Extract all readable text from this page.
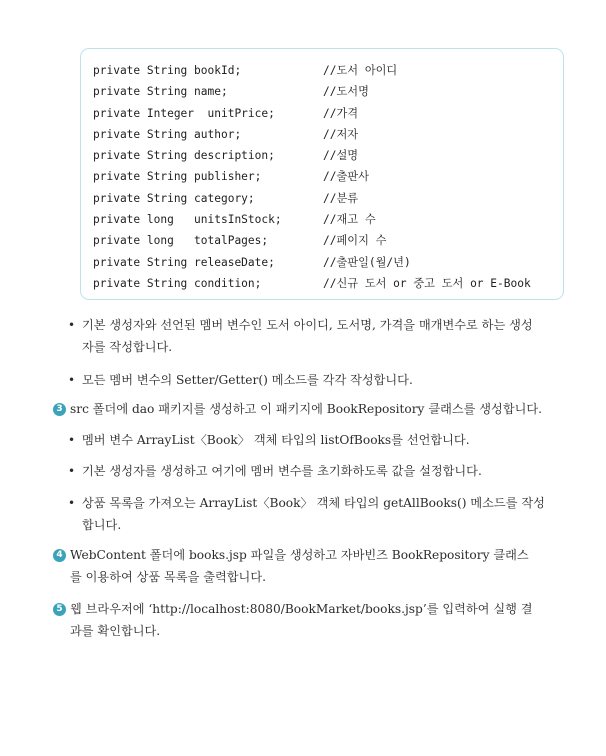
private String bookId;	//도서 아이디
private String name;	//도서명
private Integer  unitPrice;	//가격
private String author;	//저자
private String description;	//설명
private String publisher;	//출판사
private String category;	//분류
private long   unitsInStock;	//재고 수
private long   totalPages;	//페이지 수
private String releaseDate;	//출판일(월/년)
private String condition;	//신규 도서 or 중고 도서 or E-Book
• 기본 생성자와 선언된 멤버 변수인 도서 아이디, 도서명, 가격을 매개변수로 하는 생성
자를 작성합니다.
• 모든 멤버 변수의 Setter/Getter() 메소드를 각각 작성합니다.
3 src 폴더에 dao 패키지를 생성하고 이 패키지에 BookRepository 클래스를 생성합니다.
• 멤버 변수 ArrayList〈Book〉 객체 타입의 listOfBooks를 선언합니다.
• 기본 생성자를 생성하고 여기에 멤버 변수를 초기화하도록 값을 설정합니다.
• 상품 목록을 가져오는 ArrayList〈Book〉 객체 타입의 getAllBooks() 메소드를 작성
합니다.
4 WebContent 폴더에 books.jsp 파일을 생성하고 자바빈즈 BookRepository 클래스
를 이용하여 상품 목록을 출력합니다.
5 웹 브라우저에 ‘http://localhost:8080/BookMarket/books.jsp’를 입력하여 실행 결
과를 확인합니다.
